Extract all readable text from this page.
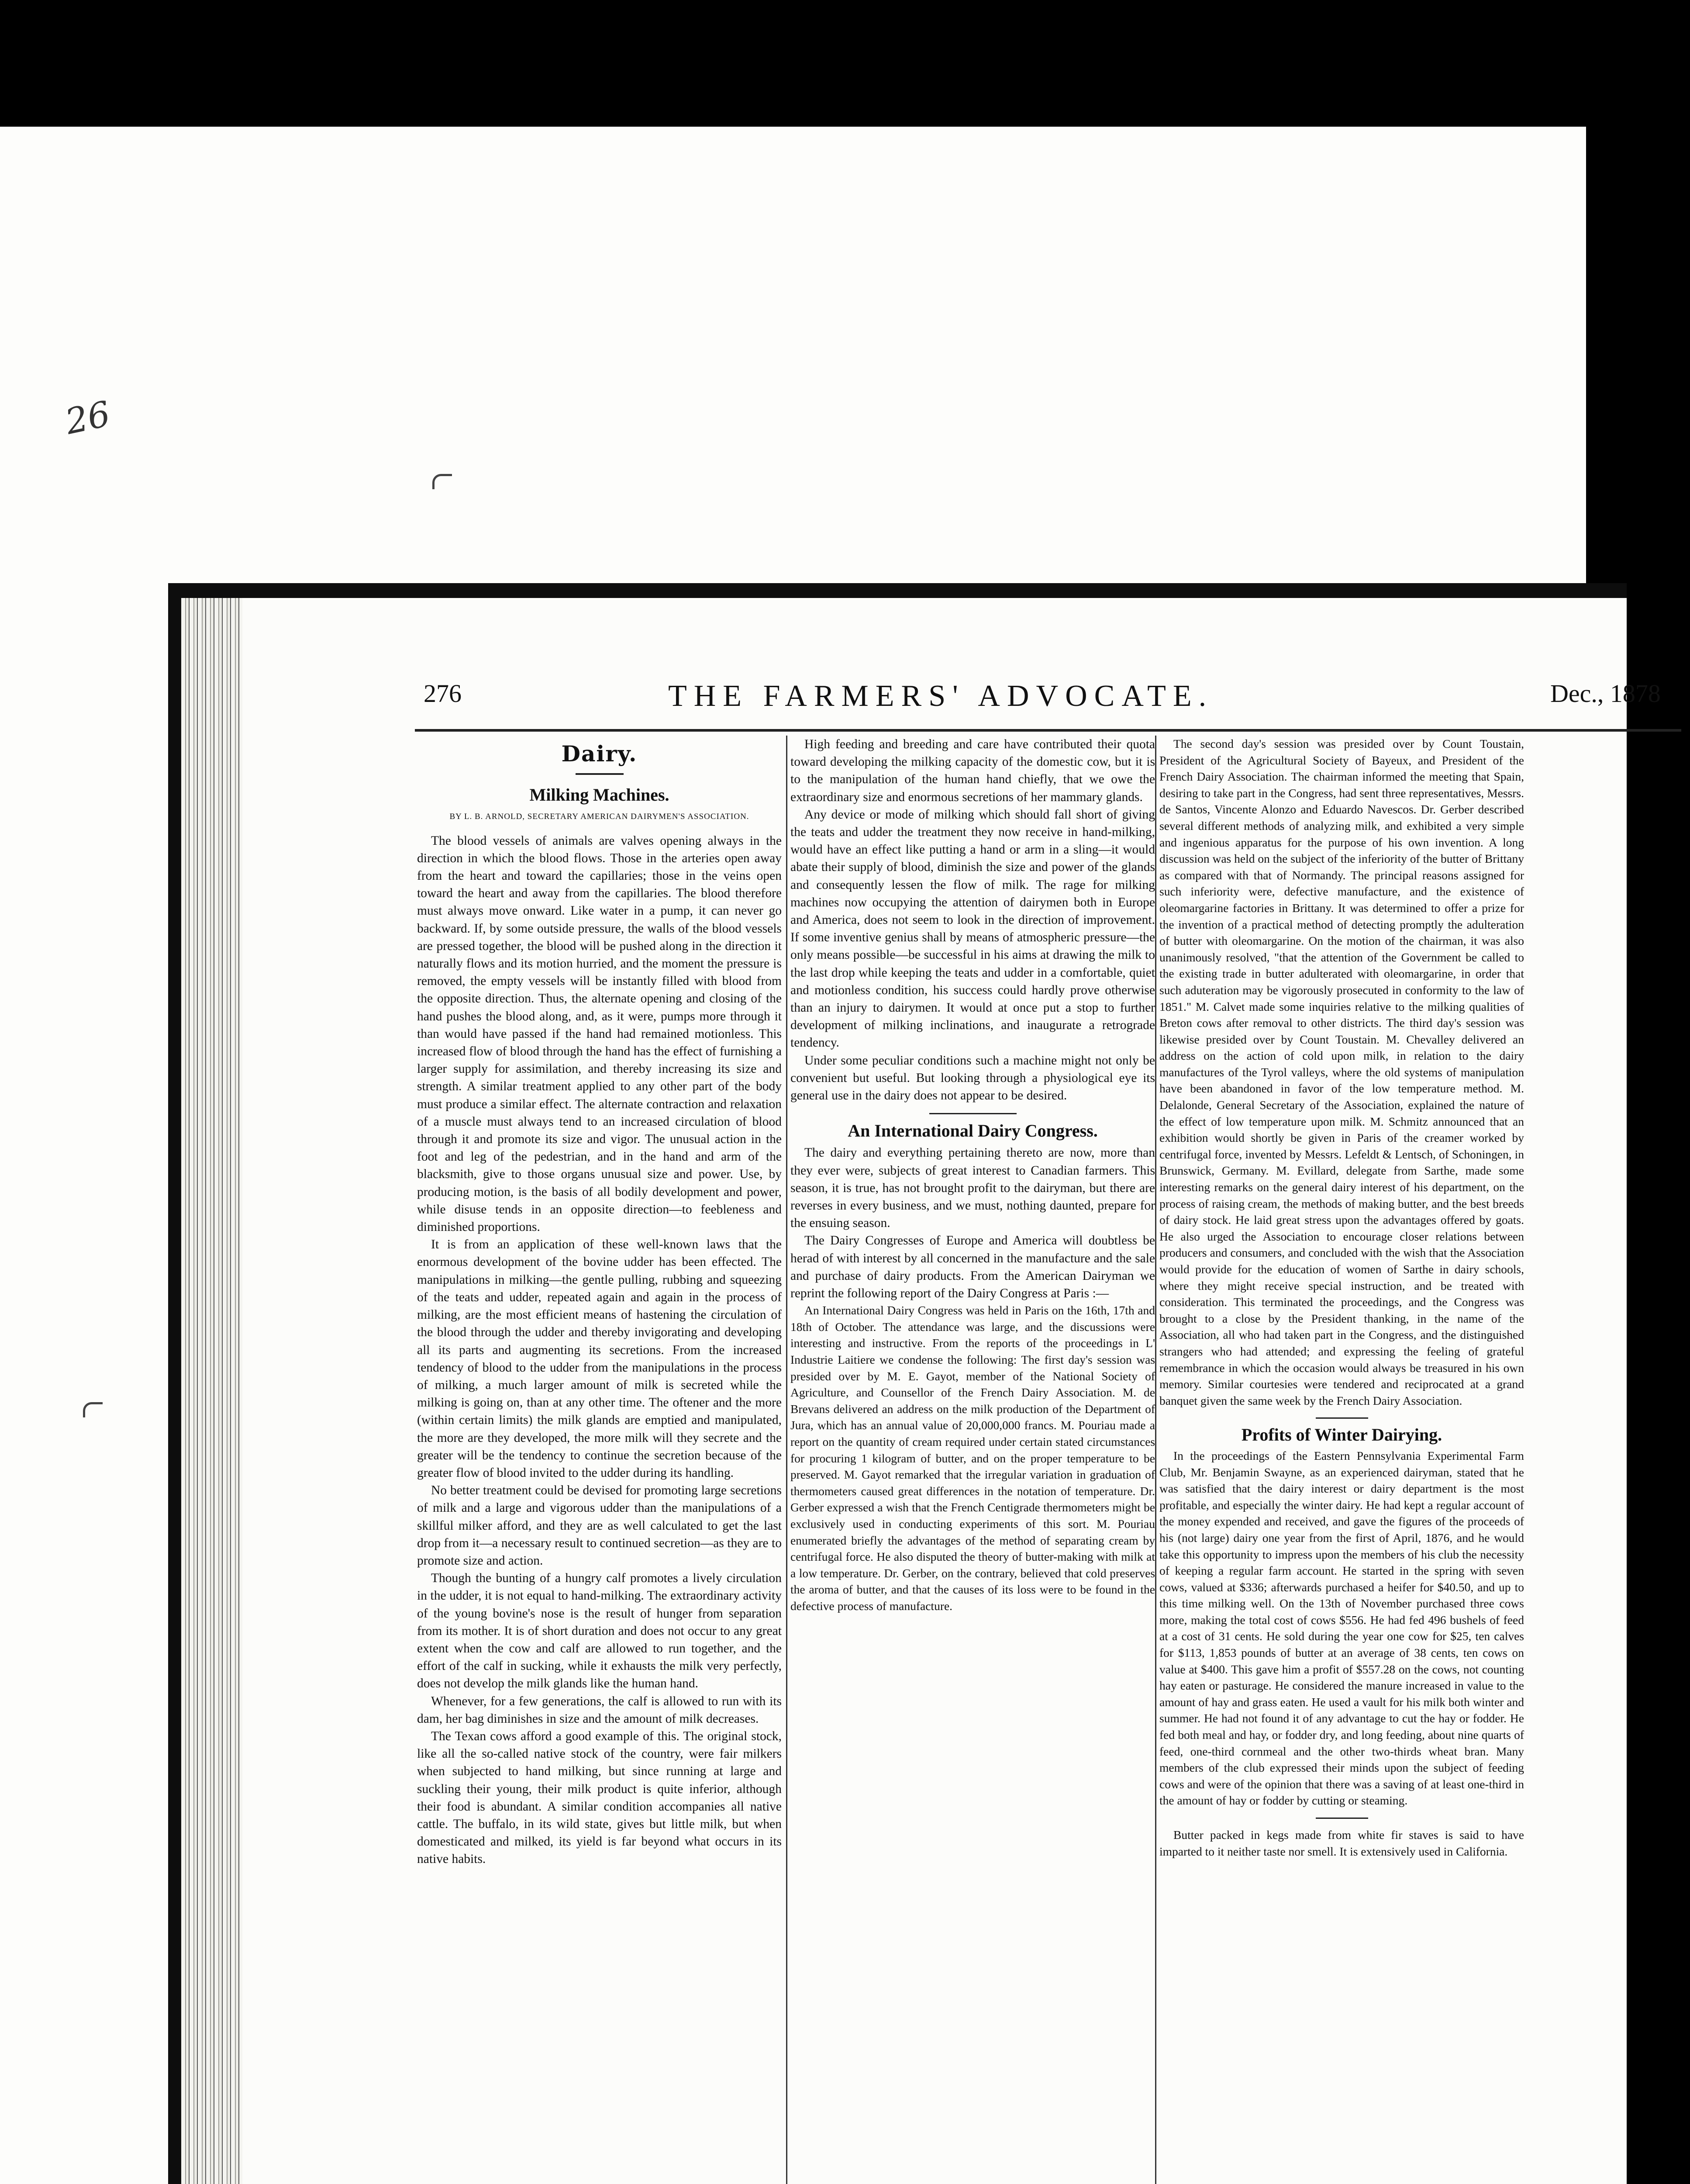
26
276	THE FARMERS' ADVOCATE.	Dec., 1878
Dairy.
Milking Machines.
BY L. B. ARNOLD, SECRETARY AMERICAN DAIRYMEN'S ASSOCIATION.

The blood vessels of animals are valves opening always in the direction in which the blood flows. Those in the arteries open away from the heart and toward the capillaries; those in the veins open toward the heart and away from the capillaries. The blood therefore must always move onward. Like water in a pump, it can never go backward. If, by some outside pressure, the walls of the blood vessels are pressed together, the blood will be pushed along in the direction it naturally flows and its motion hurried, and the moment the pressure is removed, the empty vessels will be instantly filled with blood from the opposite direction. Thus, the alternate opening and closing of the hand pushes the blood along, and, as it were, pumps more through it than would have passed if the hand had remained motionless. This increased flow of blood through the hand has the effect of furnishing a larger supply for assimilation, and thereby increasing its size and strength. A similar treatment applied to any other part of the body must produce a similar effect. The alternate contraction and relaxation of a muscle must always tend to an increased circulation of blood through it and promote its size and vigor. The unusual action in the foot and leg of the pedestrian, and in the hand and arm of the blacksmith, give to those organs unusual size and power. Use, by producing motion, is the basis of all bodily development and power, while disuse tends in an opposite direction—to feebleness and diminished proportions.

It is from an application of these well-known laws that the enormous development of the bovine udder has been effected. The manipulations in milking—the gentle pulling, rubbing and squeezing of the teats and udder, repeated again and again in the process of milking, are the most efficient means of hastening the circulation of the blood through the udder and thereby invigorating and developing all its parts and augmenting its secretions. From the increased tendency of blood to the udder from the manipulations in the process of milking, a much larger amount of milk is secreted while the milking is going on, than at any other time. The oftener and the more (within certain limits) the milk glands are emptied and manipulated, the more are they developed, the more milk will they secrete and the greater will be the tendency to continue the secretion because of the greater flow of blood invited to the udder during its handling.

No better treatment could be devised for promoting large secretions of milk and a large and vigorous udder than the manipulations of a skillful milker afford, and they are as well calculated to get the last drop from it—a necessary result to continued secretion—as they are to promote size and action.

Though the bunting of a hungry calf promotes a lively circulation in the udder, it is not equal to hand-milking. The extraordinary activity of the young bovine's nose is the result of hunger from separation from its mother. It is of short duration and does not occur to any great extent when the cow and calf are allowed to run together, and the effort of the calf in sucking, while it exhausts the milk very perfectly, does not develop the milk glands like the human hand.

Whenever, for a few generations, the calf is allowed to run with its dam, her bag diminishes in size and the amount of milk decreases.

The Texan cows afford a good example of this. The original stock, like all the so-called native stock of the country, were fair milkers when subjected to hand milking, but since running at large and suckling their young, their milk product is quite inferior, although their food is abundant. A similar condition accompanies all native cattle. The buffalo, in its wild state, gives but little milk, but when domesticated and milked, its yield is far beyond what occurs in its native habits.

High feeding and breeding and care have contributed their quota toward developing the milking capacity of the domestic cow, but it is to the manipulation of the human hand chiefly, that we owe the extraordinary size and enormous secretions of her mammary glands.

Any device or mode of milking which should fall short of giving the teats and udder the treatment they now receive in hand-milking, would have an effect like putting a hand or arm in a sling—it would abate their supply of blood, diminish the size and power of the glands and consequently lessen the flow of milk. The rage for milking machines now occupying the attention of dairymen both in Europe and America, does not seem to look in the direction of improvement. If some inventive genius shall by means of atmospheric pressure—the only means possible—be successful in his aims at drawing the milk to the last drop while keeping the teats and udder in a comfortable, quiet and motionless condition, his success could hardly prove otherwise than an injury to dairymen. It would at once put a stop to further development of milking inclinations, and inaugurate a retrograde tendency.

Under some peculiar conditions such a machine might not only be convenient but useful. But looking through a physiological eye its general use in the dairy does not appear to be desired.

An International Dairy Congress.

The dairy and everything pertaining thereto are now, more than they ever were, subjects of great interest to Canadian farmers. This season, it is true, has not brought profit to the dairyman, but there are reverses in every business, and we must, nothing daunted, prepare for the ensuing season.

The Dairy Congresses of Europe and America will doubtless be herad of with interest by all concerned in the manufacture and the sale and purchase of dairy products. From the American Dairyman we reprint the following report of the Dairy Congress at Paris :—

An International Dairy Congress was held in Paris on the 16th, 17th and 18th of October. The attendance was large, and the discussions were interesting and instructive. From the reports of the proceedings in L' Industrie Laitiere we condense the following: The first day's session was presided over by M. E. Gayot, member of the National Society of Agriculture, and Counsellor of the French Dairy Association. M. de Brevans delivered an address on the milk production of the Department of Jura, which has an annual value of 20,000,000 francs. M. Pouriau made a report on the quantity of cream required under certain stated circumstances for procuring 1 kilogram of butter, and on the proper temperature to be preserved. M. Gayot remarked that the irregular variation in graduation of thermometers caused great differences in the notation of temperature. Dr. Gerber expressed a wish that the French Centigrade thermometers might be exclusively used in conducting experiments of this sort. M. Pouriau enumerated briefly the advantages of the method of separating cream by centrifugal force. He also disputed the theory of butter-making with milk at a low temperature. Dr. Gerber, on the contrary, believed that cold preserves the aroma of butter, and that the causes of its loss were to be found in the defective process of manufacture.

The second day's session was presided over by Count Toustain, President of the Agricultural Society of Bayeux, and President of the French Dairy Association. The chairman informed the meeting that Spain, desiring to take part in the Congress, had sent three representatives, Messrs. de Santos, Vincente Alonzo and Eduardo Navescos. Dr. Gerber described several different methods of analyzing milk, and exhibited a very simple and ingenious apparatus for the purpose of his own invention. A long discussion was held on the subject of the inferiority of the butter of Brittany as compared with that of Normandy. The principal reasons assigned for such inferiority were, defective manufacture, and the existence of oleomargarine factories in Brittany. It was determined to offer a prize for the invention of a practical method of detecting promptly the adulteration of butter with oleomargarine. On the motion of the chairman, it was also unanimously resolved, "that the attention of the Government be called to the existing trade in butter adulterated with oleomargarine, in order that such aduteration may be vigorously prosecuted in conformity to the law of 1851." M. Calvet made some inquiries relative to the milking qualities of Breton cows after removal to other districts. The third day's session was likewise presided over by Count Toustain. M. Chevalley delivered an address on the action of cold upon milk, in relation to the dairy manufactures of the Tyrol valleys, where the old systems of manipulation have been abandoned in favor of the low temperature method. M. Delalonde, General Secretary of the Association, explained the nature of the effect of low temperature upon milk. M. Schmitz announced that an exhibition would shortly be given in Paris of the creamer worked by centrifugal force, invented by Messrs. Lefeldt & Lentsch, of Schoningen, in Brunswick, Germany. M. Evillard, delegate from Sarthe, made some interesting remarks on the general dairy interest of his department, on the process of raising cream, the methods of making butter, and the best breeds of dairy stock. He laid great stress upon the advantages offered by goats. He also urged the Association to encourage closer relations between producers and consumers, and concluded with the wish that the Association would provide for the education of women of Sarthe in dairy schools, where they might receive special instruction, and be treated with consideration. This terminated the proceedings, and the Congress was brought to a close by the President thanking, in the name of the Association, all who had taken part in the Congress, and the distinguished strangers who had attended; and expressing the feeling of grateful remembrance in which the occasion would always be treasured in his own memory. Similar courtesies were tendered and reciprocated at a grand banquet given the same week by the French Dairy Association.

Profits of Winter Dairying.

In the proceedings of the Eastern Pennsylvania Experimental Farm Club, Mr. Benjamin Swayne, as an experienced dairyman, stated that he was satisfied that the dairy interest or dairy department is the most profitable, and especially the winter dairy. He had kept a regular account of the money expended and received, and gave the figures of the proceeds of his (not large) dairy one year from the first of April, 1876, and he would take this opportunity to impress upon the members of his club the necessity of keeping a regular farm account. He started in the spring with seven cows, valued at $336; afterwards purchased a heifer for $40.50, and up to this time milking well. On the 13th of November purchased three cows more, making the total cost of cows $556. He had fed 496 bushels of feed at a cost of 31 cents. He sold during the year one cow for $25, ten calves for $113, 1,853 pounds of butter at an average of 38 cents, ten cows on value at $400. This gave him a profit of $557.28 on the cows, not counting hay eaten or pasturage. He considered the manure increased in value to the amount of hay and grass eaten. He used a vault for his milk both winter and summer. He had not found it of any advantage to cut the hay or fodder. He fed both meal and hay, or fodder dry, and long feeding, about nine quarts of feed, one-third cornmeal and the other two-thirds wheat bran. Many members of the club expressed their minds upon the subject of feeding cows and were of the opinion that there was a saving of at least one-third in the amount of hay or fodder by cutting or steaming.

Butter packed in kegs made from white fir staves is said to have imparted to it neither taste nor smell. It is extensively used in California.
